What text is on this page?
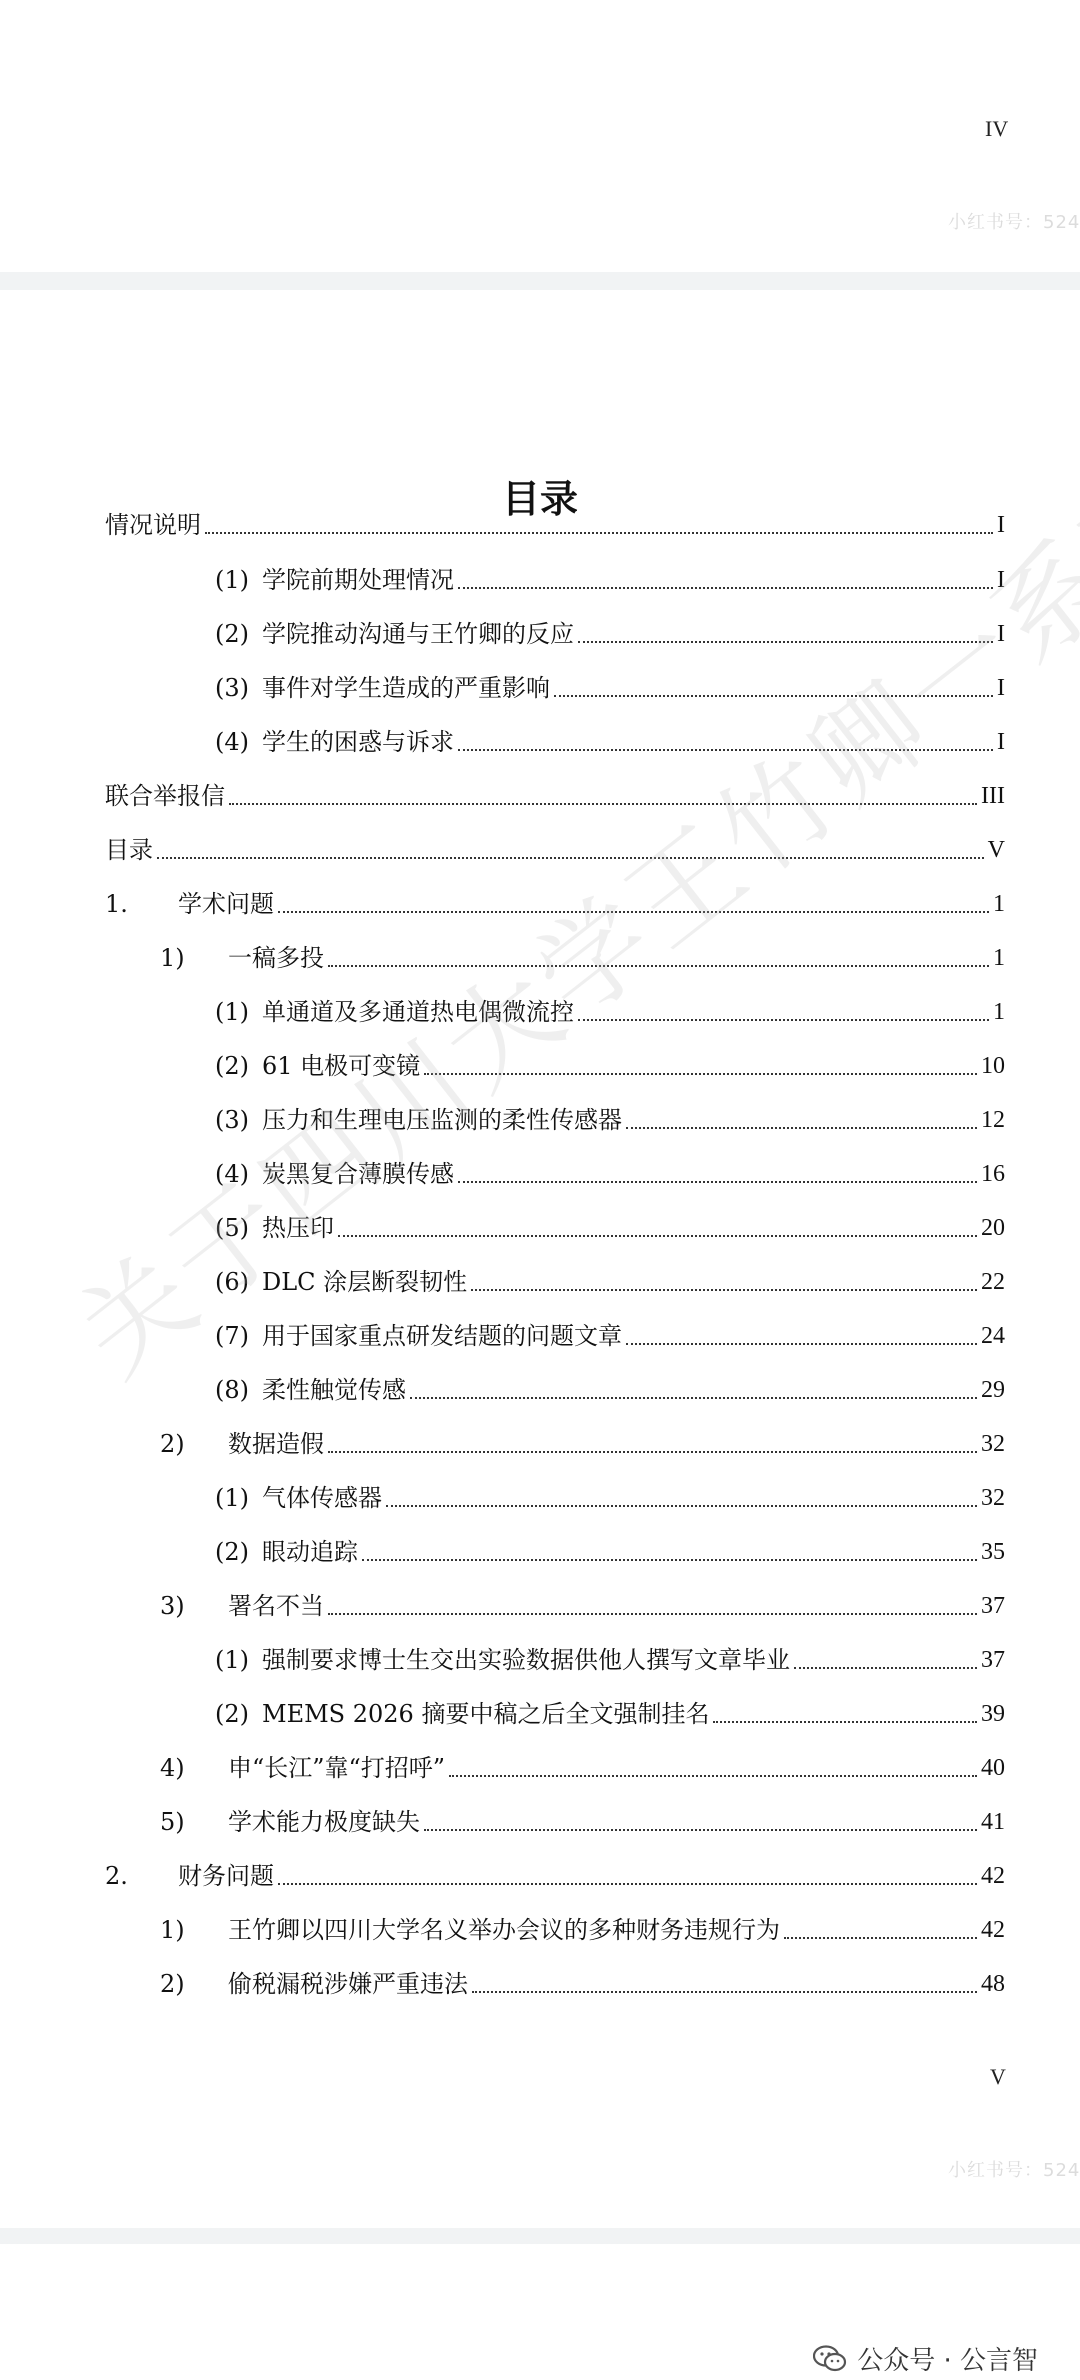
IV
小红书号：524
目录
情况说明	I
(1) 学院前期处理情况	I
(2) 学院推动沟通与王竹卿的反应	I
(3) 事件对学生造成的严重影响	I
(4) 学生的困惑与诉求	I
联合举报信	III
目录	V
1.	学术问题	1
1)	一稿多投	1
(1) 单通道及多通道热电偶微流控	1
(2) 61 电极可变镜	10
(3) 压力和生理电压监测的柔性传感器	12
(4) 炭黑复合薄膜传感	16
(5) 热压印	20
(6) DLC 涂层断裂韧性	22
(7) 用于国家重点研发结题的问题文章	24
(8) 柔性触觉传感	29
2)	数据造假	32
(1) 气体传感器	32
(2) 眼动追踪	35
3)	署名不当	37
(1) 强制要求博士生交出实验数据供他人撰写文章毕业	37
(2) MEMS 2026 摘要中稿之后全文强制挂名	39
4)	申“长江”靠“打招呼”	40
5)	学术能力极度缺失	41
2.	财务问题	42
1)	王竹卿以四川大学名义举办会议的多种财务违规行为	42
2)	偷税漏税涉嫌严重违法	48
V
小红书号：524
公众号 · 公言智
